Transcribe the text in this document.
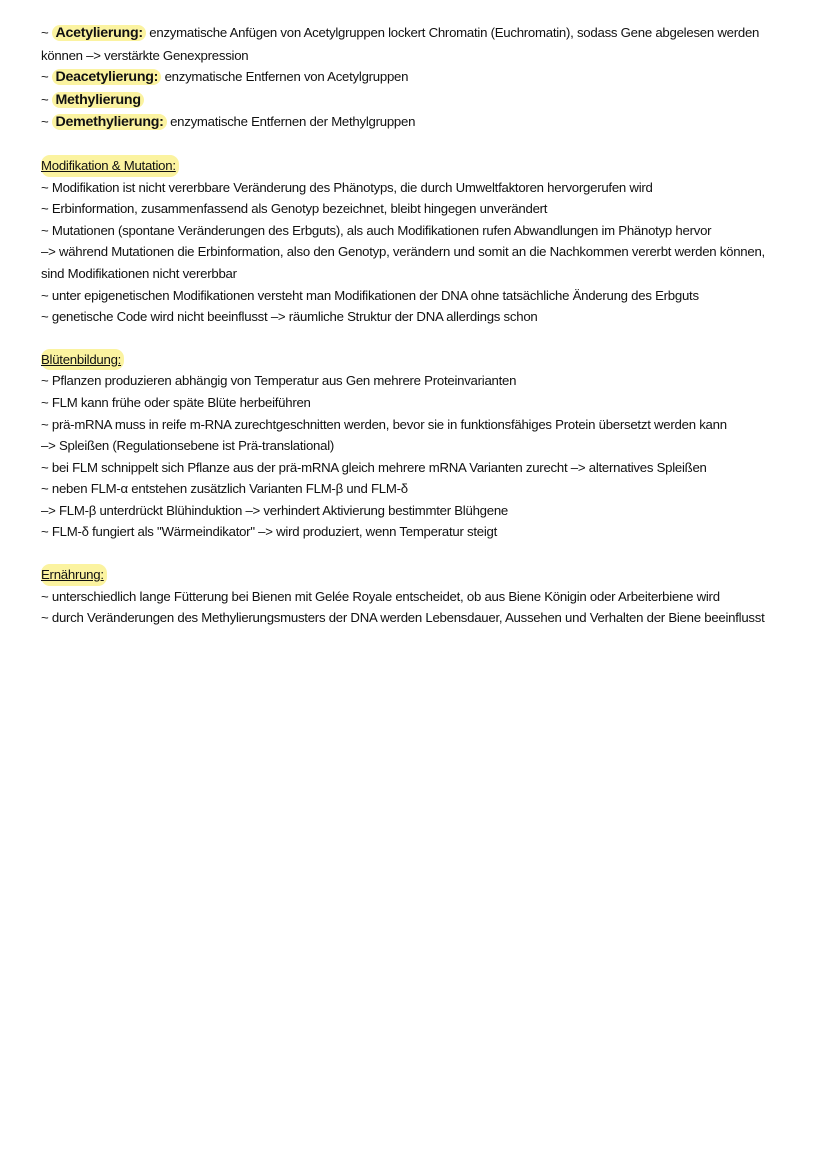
~ Acetylierung: enzymatische Anfügen von Acetylgruppen lockert Chromatin (Euchromatin), sodass Gene abgelesen werden

können –> verstärkte Genexpression

~ Deacetylierung: enzymatische Entfernen von Acetylgruppen

~ Methylierung

~ Demethylierung: enzymatische Entfernen der Methylgruppen

Modifikation & Mutation:

~ Modifikation ist nicht vererbbare Veränderung des Phänotyps, die durch Umweltfaktoren hervorgerufen wird

~ Erbinformation, zusammenfassend als Genotyp bezeichnet, bleibt hingegen unverändert

~ Mutationen (spontane Veränderungen des Erbguts), als auch Modifikationen rufen Abwandlungen im Phänotyp hervor

–> während Mutationen die Erbinformation, also den Genotyp, verändern und somit an die Nachkommen vererbt werden können,

sind Modifikationen nicht vererbbar

~ unter epigenetischen Modifikationen versteht man Modifikationen der DNA ohne tatsächliche Änderung des Erbguts

~ genetische Code wird nicht beeinflusst –> räumliche Struktur der DNA allerdings schon

Blütenbildung:

~ Pflanzen produzieren abhängig von Temperatur aus Gen mehrere Proteinvarianten

~ FLM kann frühe oder späte Blüte herbeiführen

~ prä-mRNA muss in reife m-RNA zurechtgeschnitten werden, bevor sie in funktionsfähiges Protein übersetzt werden kann

–> Spleißen (Regulationsebene ist Prä-translational)

~ bei FLM schnippelt sich Pflanze aus der prä-mRNA gleich mehrere mRNA Varianten zurecht –> alternatives Spleißen

~ neben FLM-α entstehen zusätzlich Varianten FLM-β und FLM-δ

–> FLM-β unterdrückt Blühinduktion –> verhindert Aktivierung bestimmter Blühgene

~ FLM-δ fungiert als "Wärmeindikator" –> wird produziert, wenn Temperatur steigt

Ernährung:

~ unterschiedlich lange Fütterung bei Bienen mit Gelée Royale entscheidet, ob aus Biene Königin oder Arbeiterbiene wird

~ durch Veränderungen des Methylierungsmusters der DNA werden Lebensdauer, Aussehen und Verhalten der Biene beeinflusst
